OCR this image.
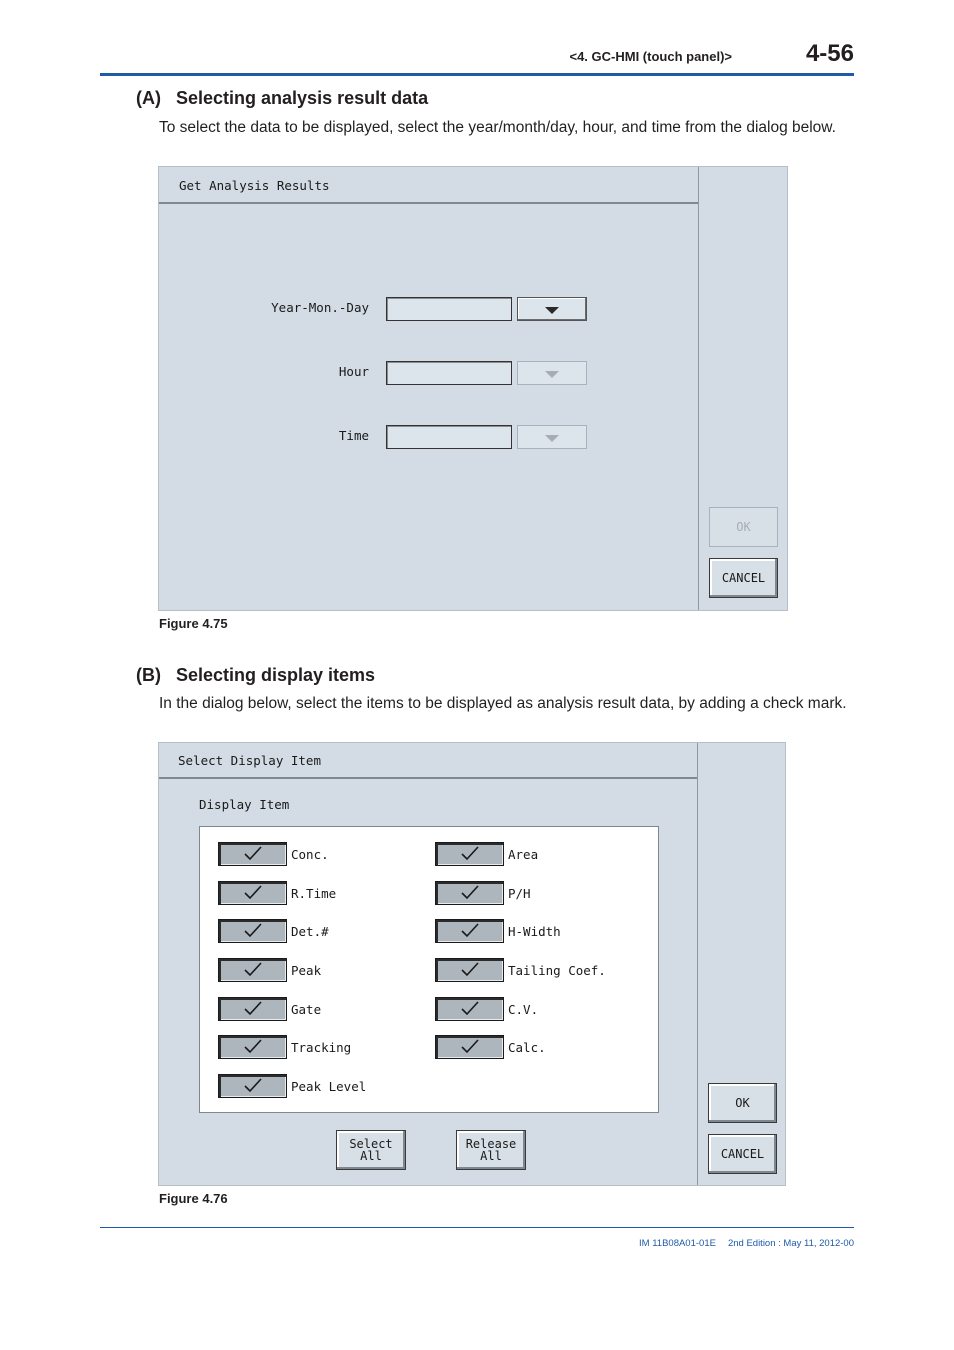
<4. GC-HMI (touch panel)>	4-56
(A) Selecting analysis result data
To select the data to be displayed, select the year/month/day, hour, and time from the dialog below.
Get Analysis Results
Year-Mon.-Day
Hour
Time
OK
CANCEL
Figure 4.75
(B) Selecting display items
In the dialog below, select the items to be displayed as analysis result data, by adding a check mark.
Select Display Item
Display Item
Conc.
R.Time
Det.#
Peak
Gate
Tracking
Peak Level
Area
P/H
H-Width
Tailing Coef.
C.V.
Calc.
Select All
Release
All
OK
CANCEL
Figure 4.76
IM 11B08A01-01E 2nd Edition : May 11, 2012-00
